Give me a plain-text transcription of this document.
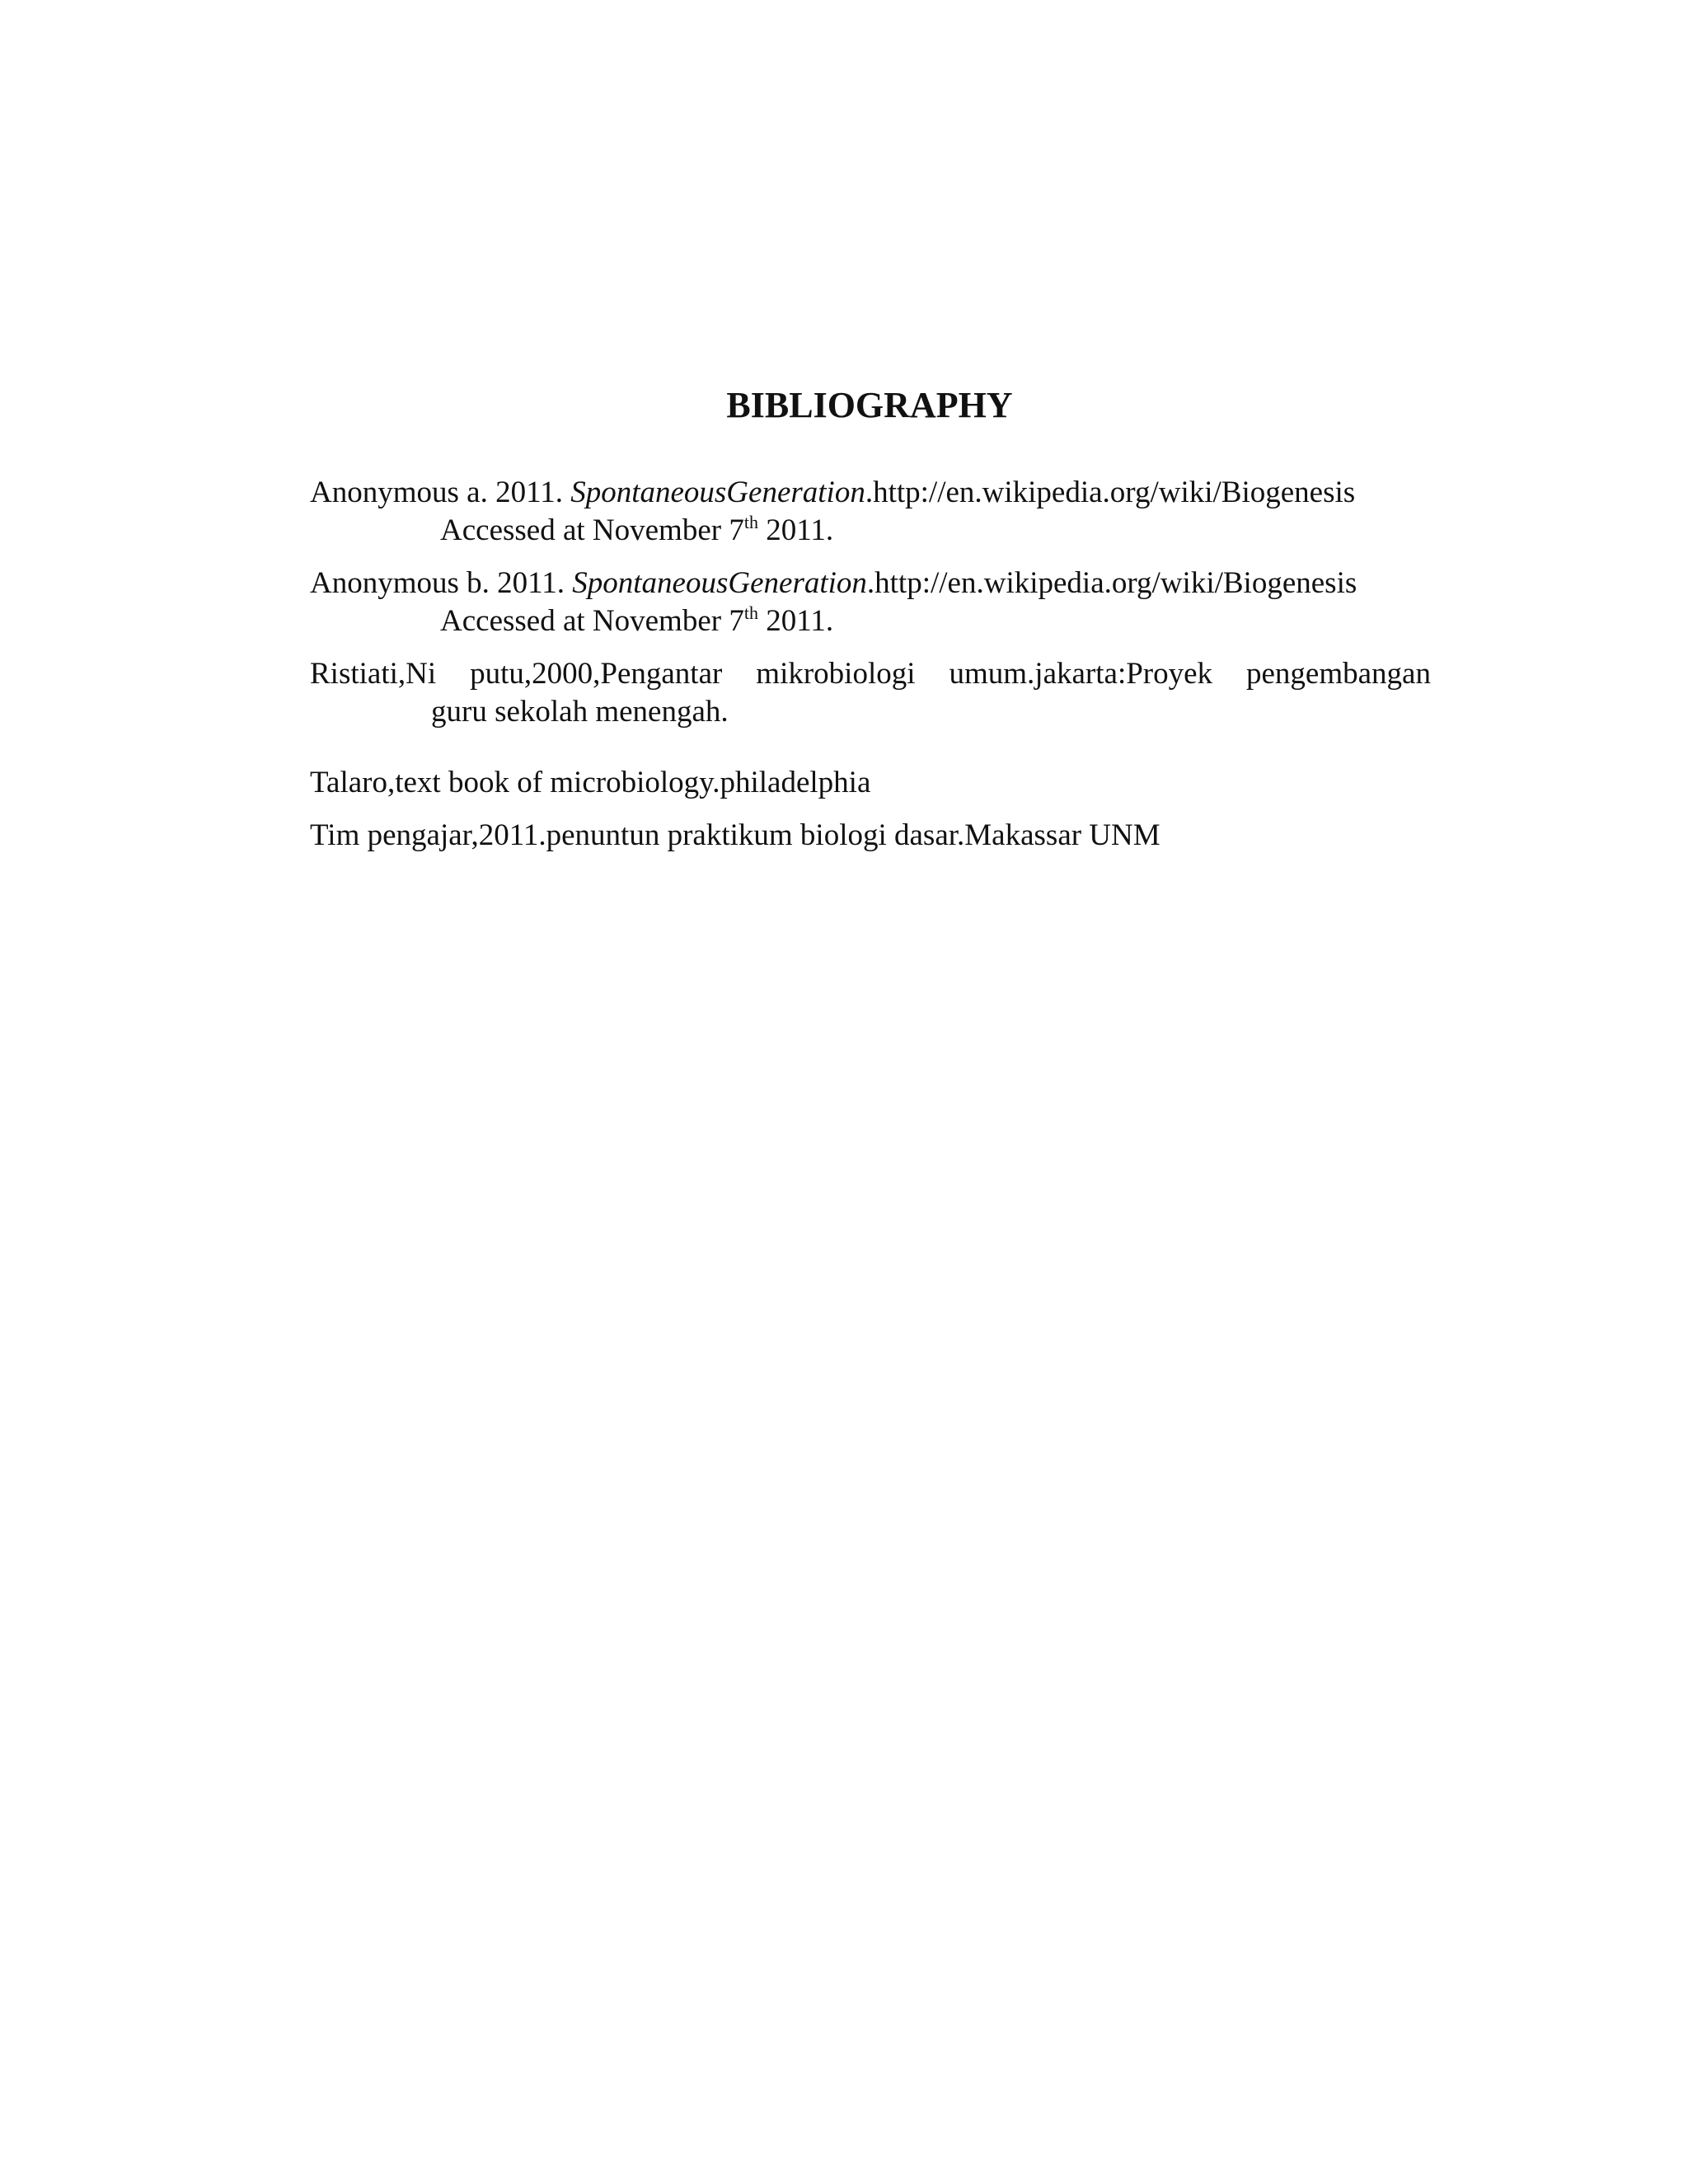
BIBLIOGRAPHY
Anonymous a. 2011. SpontaneousGeneration.http://en.wikipedia.org/wiki/Biogenesis
Accessed at November 7th 2011.
Anonymous b. 2011. SpontaneousGeneration.http://en.wikipedia.org/wiki/Biogenesis
Accessed at November 7th 2011.
Ristiati,Ni putu,2000,Pengantar mikrobiologi umum.jakarta:Proyek pengembangan
guru sekolah menengah.
Talaro,text book of microbiology.philadelphia
Tim pengajar,2011.penuntun praktikum biologi dasar.Makassar UNM
